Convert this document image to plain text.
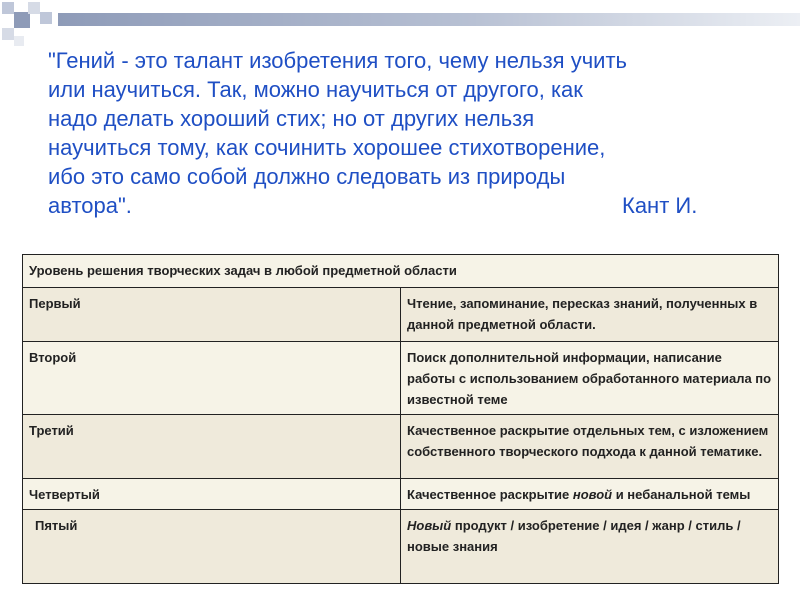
"Гений - это талант изобретения того, чему нельзя учить
или научиться. Так, можно научиться от другого, как
надо делать хороший стих; но от других нельзя
научиться тому, как сочинить хорошее стихотворение,
ибо это само собой должно следовать из природы
автора".	Кант И.
Уровень решения творческих задач в любой предметной области	
Первый	Чтение, запоминание, пересказ знаний, полученных в данной предметной области.
Второй	Поиск дополнительной информации, написание работы с использованием обработанного материала по известной теме
Третий	Качественное раскрытие отдельных тем, с изложением собственного творческого подхода к данной тематике.
Четвертый	Качественное раскрытие новой и небанальной темы
Пятый	Новый продукт / изобретение / идея / жанр / стиль / новые знания
